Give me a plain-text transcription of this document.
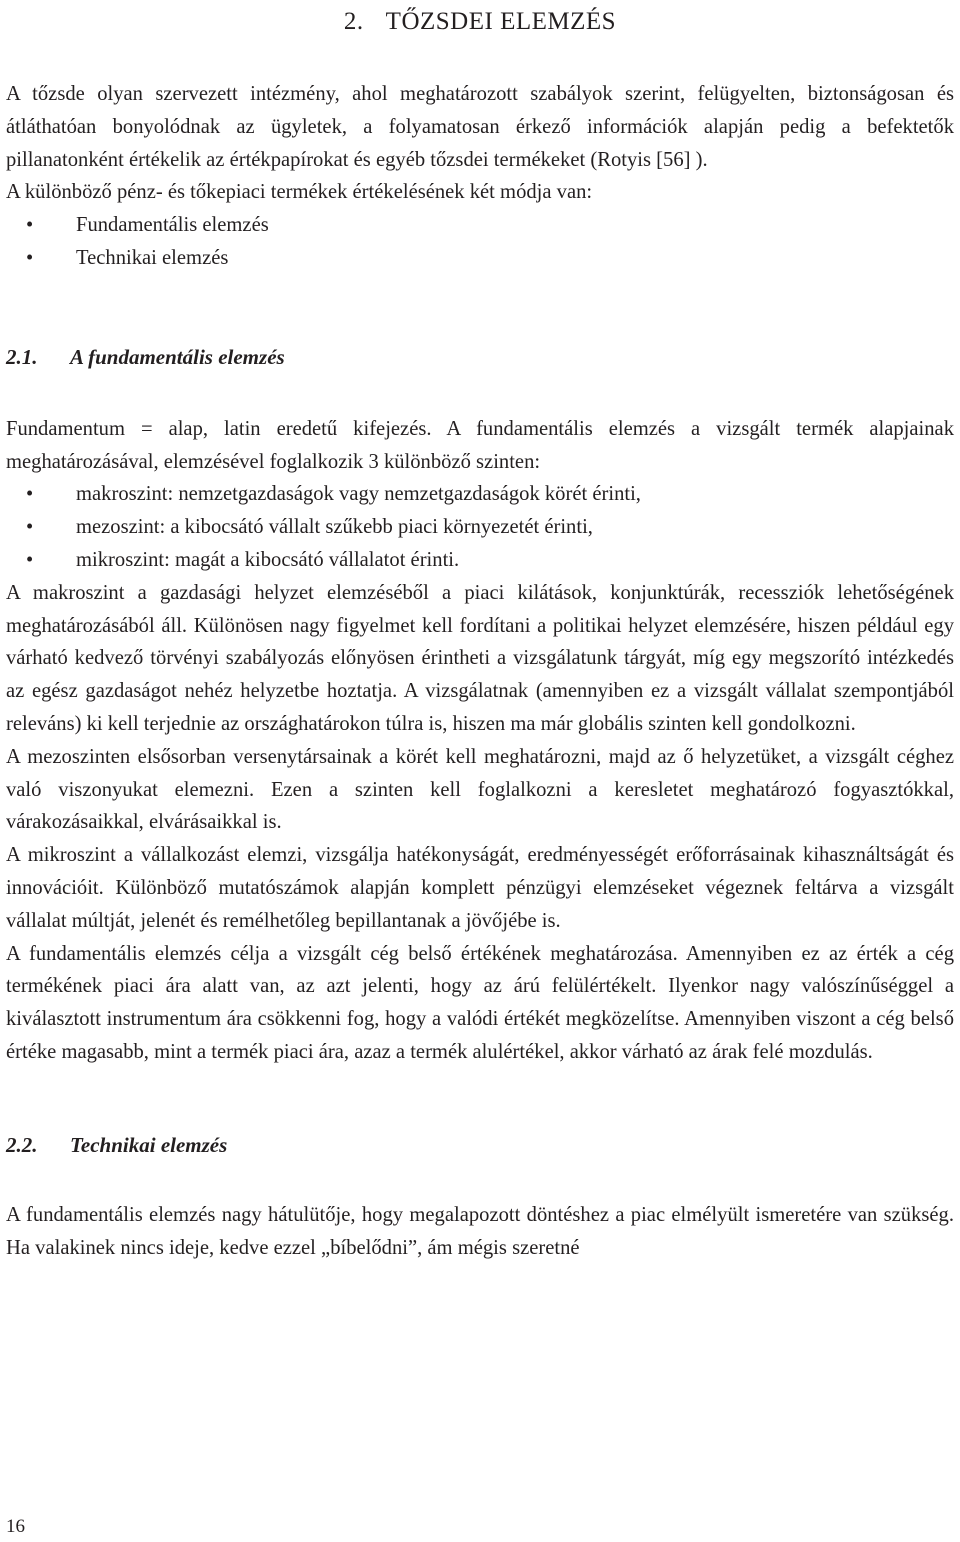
2. TŐZSDEI ELEMZÉS

A tőzsde olyan szervezett intézmény, ahol meghatározott szabályok szerint, felügyelten, biztonságosan és átláthatóan bonyolódnak az ügyletek, a folyamatosan érkező információk alapján pedig a befektetők pillanatonként értékelik az értékpapírokat és egyéb tőzsdei termékeket (Rotyis [56] ).

A különböző pénz- és tőkepiaci termékek értékelésének két módja van:

• Fundamentális elemzés
• Technikai elemzés
2.1. A fundamentális elemzés

Fundamentum = alap, latin eredetű kifejezés. A fundamentális elemzés a vizsgált termék alapjainak meghatározásával, elemzésével foglalkozik 3 különböző szinten:

• makroszint: nemzetgazdaságok vagy nemzetgazdaságok körét érinti,
• mezoszint: a kibocsátó vállalt szűkebb piaci környezetét érinti,
• mikroszint: magát a kibocsátó vállalatot érinti.

A makroszint a gazdasági helyzet elemzéséből a piaci kilátások, konjunktúrák, recessziók lehetőségének meghatározásából áll. Különösen nagy figyelmet kell fordítani a politikai helyzet elemzésére, hiszen például egy várható kedvező törvényi szabályozás előnyösen érintheti a vizsgálatunk tárgyát, míg egy megszorító intézkedés az egész gazdaságot nehéz helyzetbe hoztatja. A vizsgálatnak (amennyiben ez a vizsgált vállalat szempontjából releváns) ki kell terjednie az országhatárokon túlra is, hiszen ma már globális szinten kell gondolkozni.

A mezoszinten elsősorban versenytársainak a körét kell meghatározni, majd az ő helyzetüket, a vizsgált céghez való viszonyukat elemezni. Ezen a szinten kell foglalkozni a keresletet meghatározó fogyasztókkal, várakozásaikkal, elvárásaikkal is.

A mikroszint a vállalkozást elemzi, vizsgálja hatékonyságát, eredményességét erőforrásainak kihasználtságát és innovációit. Különböző mutatószámok alapján komplett pénzügyi elemzéseket végeznek feltárva a vizsgált vállalat múltját, jelenét és remélhetőleg bepillantanak a jövőjébe is.

A fundamentális elemzés célja a vizsgált cég belső értékének meghatározása. Amennyiben ez az érték a cég termékének piaci ára alatt van, az azt jelenti, hogy az árú felülértékelt. Ilyenkor nagy valószínűséggel a kiválasztott instrumentum ára csökkenni fog, hogy a valódi értékét megközelítse. Amennyiben viszont a cég belső értéke magasabb, mint a termék piaci ára, azaz a termék alulértékel, akkor várható az árak felé mozdulás.

2.2. Technikai elemzés

A fundamentális elemzés nagy hátulütője, hogy megalapozott döntéshez a piac elmélyült ismeretére van szükség. Ha valakinek nincs ideje, kedve ezzel „bíbelődni”, ám mégis szeretné

16
